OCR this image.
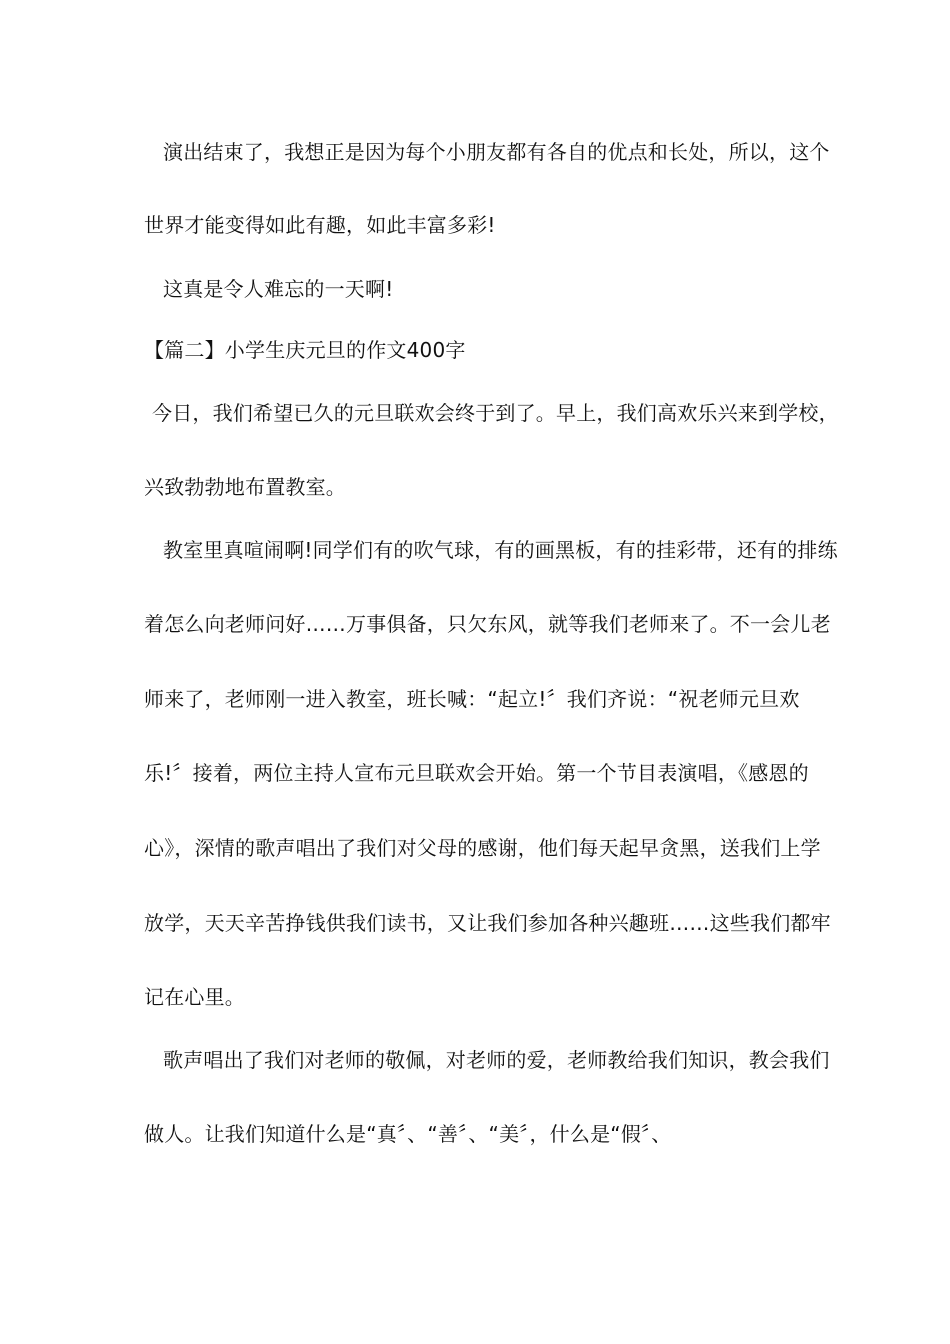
演出结束了，我想正是因为每个小朋友都有各自的优点和长处，所以，这个
世界才能变得如此有趣，如此丰富多彩!
这真是令人难忘的一天啊!
【篇二】小学生庆元旦的作文400字
今日，我们希望已久的元旦联欢会终于到了。早上，我们高欢乐兴来到学校，
兴致勃勃地布置教室。
教室里真喧闹啊!同学们有的吹气球，有的画黑板，有的挂彩带，还有的排练
着怎么向老师问好……万事俱备，只欠东风，就等我们老师来了。不一会儿老
师来了，老师刚一进入教室，班长喊：“起立!〞我们齐说：“祝老师元旦欢
乐!〞接着，两位主持人宣布元旦联欢会开始。第一个节目表演唱，《感恩的
心》，深情的歌声唱出了我们对父母的感谢，他们每天起早贪黑，送我们上学
放学，天天辛苦挣钱供我们读书，又让我们参加各种兴趣班……这些我们都牢
记在心里。
歌声唱出了我们对老师的敬佩，对老师的爱，老师教给我们知识，教会我们
做人。让我们知道什么是“真〞、“善〞、“美〞，什么是“假〞、
